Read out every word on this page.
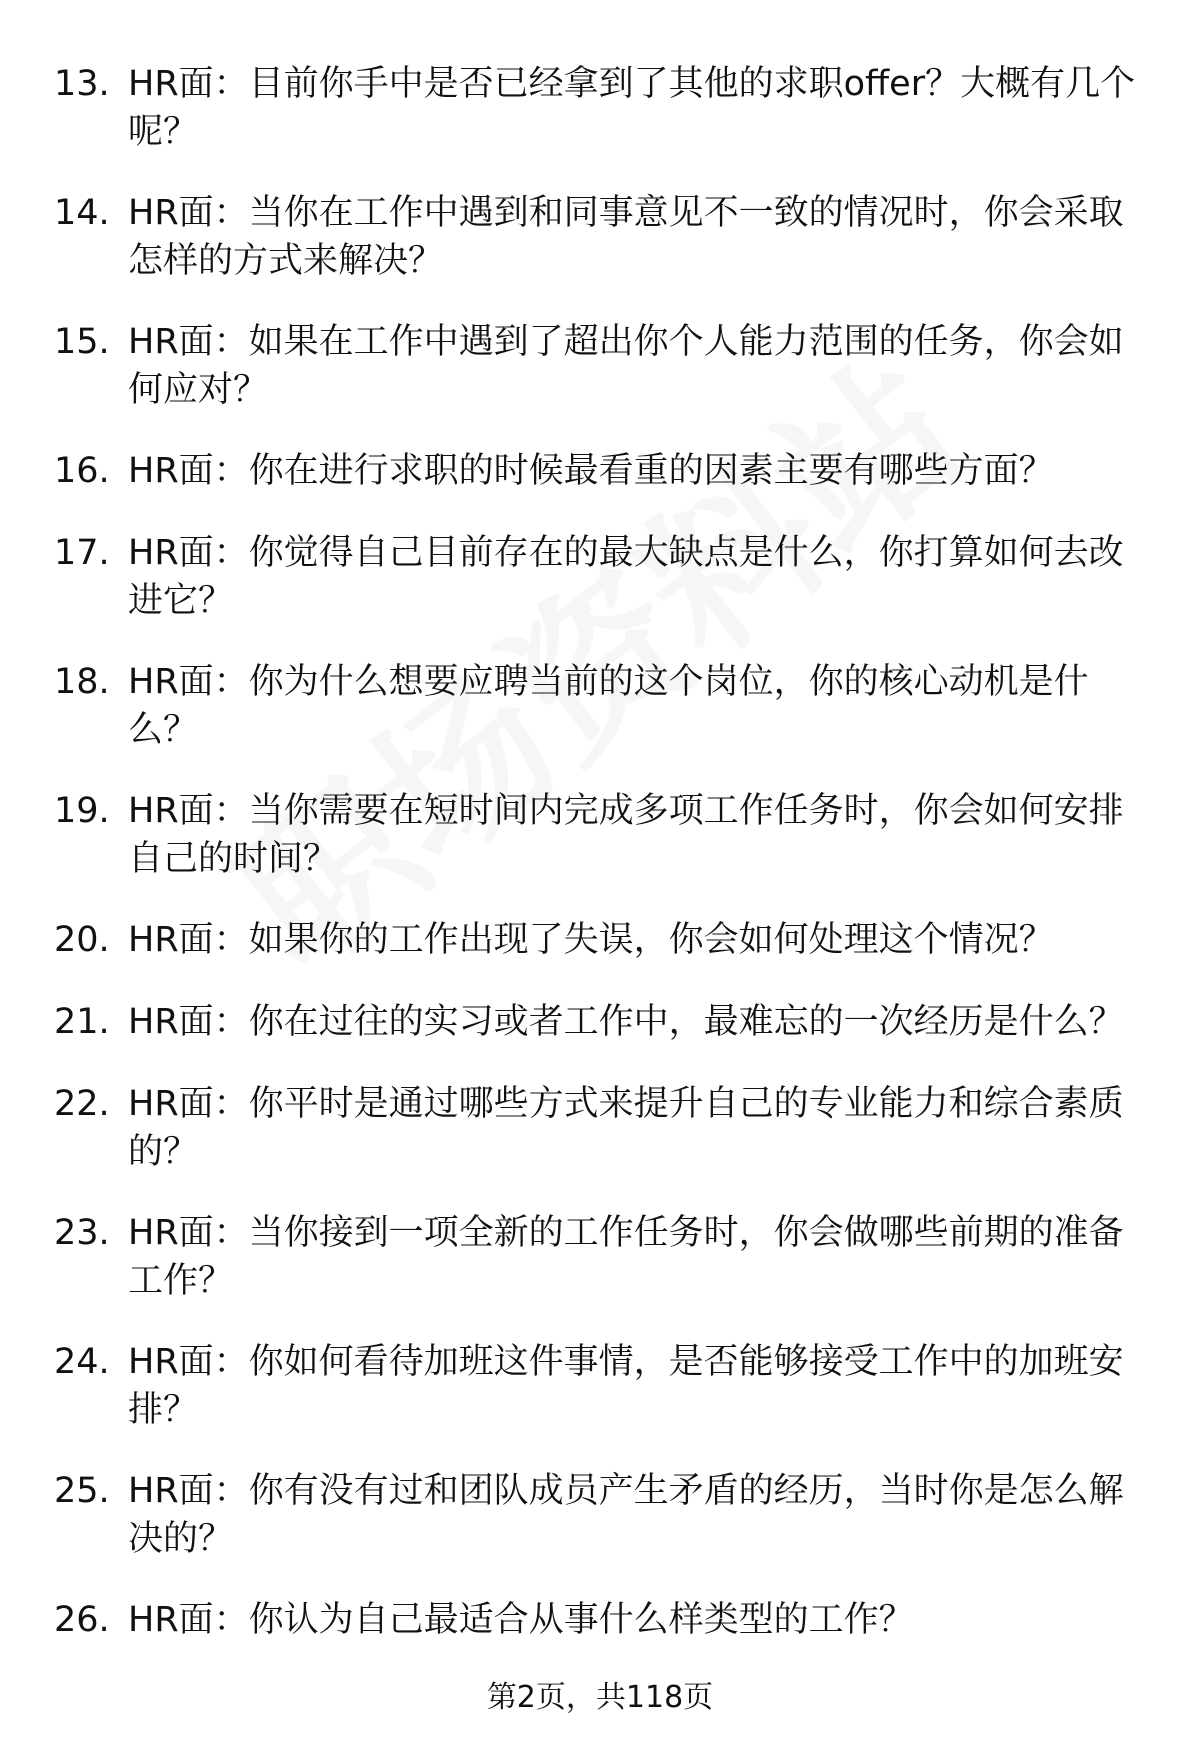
13. HR面：目前你手中是否已经拿到了其他的求职offer？大概有几个呢？
14. HR面：当你在工作中遇到和同事意见不一致的情况时，你会采取怎样的方式来解决？
15. HR面：如果在工作中遇到了超出你个人能力范围的任务，你会如何应对？
16. HR面：你在进行求职的时候最看重的因素主要有哪些方面？
17. HR面：你觉得自己目前存在的最大缺点是什么，你打算如何去改进它？
18. HR面：你为什么想要应聘当前的这个岗位，你的核心动机是什么？
19. HR面：当你需要在短时间内完成多项工作任务时，你会如何安排自己的时间？
20. HR面：如果你的工作出现了失误，你会如何处理这个情况？
21. HR面：你在过往的实习或者工作中，最难忘的一次经历是什么？
22. HR面：你平时是通过哪些方式来提升自己的专业能力和综合素质的？
23. HR面：当你接到一项全新的工作任务时，你会做哪些前期的准备工作？
24. HR面：你如何看待加班这件事情，是否能够接受工作中的加班安排？
25. HR面：你有没有过和团队成员产生矛盾的经历，当时你是怎么解决的？
26. HR面：你认为自己最适合从事什么样类型的工作？
第2页，共118页
